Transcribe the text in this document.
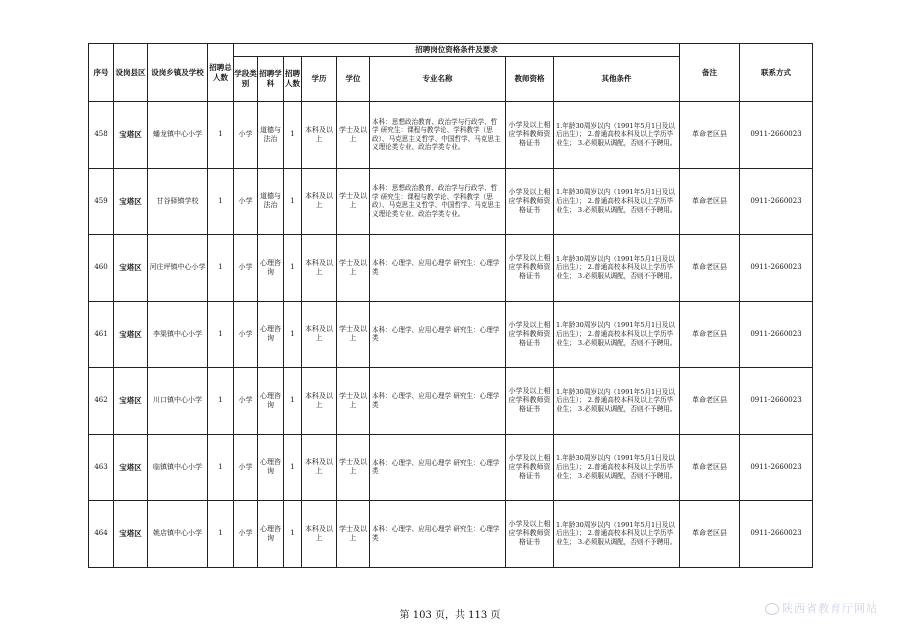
序号	设岗县区	设岗乡镇及学校	招聘总人数	招聘岗位资格条件及要求								备注	联系方式
				学段类别	招聘学科	招聘人数	学历	学位	专业名称	教师资格	其他条件		
458	宝塔区	蟠龙镇中心小学	1	小学	道德与法治	1	本科及以上	学士及以上	本科：思想政治教育、政治学与行政学、哲学 研究生：课程与教学论、学科教学（思政）、马克思主义哲学、中国哲学、马克思主义理论类专业、政治学类专业。	小学及以上相应学科教师资格证书	1.年龄30周岁以内（1991年5月1日及以后出生）； 2.普通高校本科及以上学历毕业生； 3.必须服从调配，否则不予聘用。	革命老区县	0911-2660023
459	宝塔区	甘谷驿镇学校	1	小学	道德与法治	1	本科及以上	学士及以上	本科：思想政治教育、政治学与行政学、哲学 研究生：课程与教学论、学科教学（思政）、马克思主义哲学、中国哲学、马克思主义理论类专业、政治学类专业。	小学及以上相应学科教师资格证书	1.年龄30周岁以内（1991年5月1日及以后出生）； 2.普通高校本科及以上学历毕业生； 3.必须服从调配，否则不予聘用。	革命老区县	0911-2660023
460	宝塔区	河庄坪镇中心小学	1	小学	心理咨询	1	本科及以上	学士及以上	本科：心理学、应用心理学 研究生：心理学类	小学及以上相应学科教师资格证书	1.年龄30周岁以内（1991年5月1日及以后出生）； 2.普通高校本科及以上学历毕业生； 3.必须服从调配，否则不予聘用。	革命老区县	0911-2660023
461	宝塔区	李渠镇中心小学	1	小学	心理咨询	1	本科及以上	学士及以上	本科：心理学、应用心理学 研究生：心理学类	小学及以上相应学科教师资格证书	1.年龄30周岁以内（1991年5月1日及以后出生）； 2.普通高校本科及以上学历毕业生； 3.必须服从调配，否则不予聘用。	革命老区县	0911-2660023
462	宝塔区	川口镇中心小学	1	小学	心理咨询	1	本科及以上	学士及以上	本科：心理学、应用心理学 研究生：心理学类	小学及以上相应学科教师资格证书	1.年龄30周岁以内（1991年5月1日及以后出生）； 2.普通高校本科及以上学历毕业生； 3.必须服从调配，否则不予聘用。	革命老区县	0911-2660023
463	宝塔区	临镇镇中心小学	1	小学	心理咨询	1	本科及以上	学士及以上	本科：心理学、应用心理学 研究生：心理学类	小学及以上相应学科教师资格证书	1.年龄30周岁以内（1991年5月1日及以后出生）； 2.普通高校本科及以上学历毕业生； 3.必须服从调配，否则不予聘用。	革命老区县	0911-2660023
464	宝塔区	姚店镇中心小学	1	小学	心理咨询	1	本科及以上	学士及以上	本科：心理学、应用心理学 研究生：心理学类	小学及以上相应学科教师资格证书	1.年龄30周岁以内（1991年5月1日及以后出生）； 2.普通高校本科及以上学历毕业生； 3.必须服从调配，否则不予聘用。	革命老区县	0911-2660023
第 103 页，共 113 页
陕西省教育厅网站
